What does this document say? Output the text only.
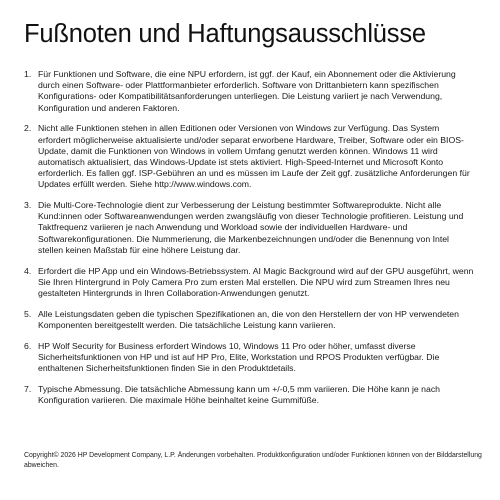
Fußnoten und Haftungsausschlüsse
1. Für Funktionen und Software, die eine NPU erfordern, ist ggf. der Kauf, ein Abonnement oder die Aktivierung durch einen Software- oder Plattformanbieter erforderlich. Software von Drittanbietern kann spezifischen Konfigurations- oder Kompatibilitätsanforderungen unterliegen. Die Leistung variiert je nach Verwendung, Konfiguration und anderen Faktoren.
2. Nicht alle Funktionen stehen in allen Editionen oder Versionen von Windows zur Verfügung. Das System erfordert möglicherweise aktualisierte und/oder separat erworbene Hardware, Treiber, Software oder ein BIOS-Update, damit die Funktionen von Windows in vollem Umfang genutzt werden können. Windows 11 wird automatisch aktualisiert, das Windows-Update ist stets aktiviert. High-Speed-Internet und Microsoft Konto erforderlich. Es fallen ggf. ISP-Gebühren an und es müssen im Laufe der Zeit ggf. zusätzliche Anforderungen für Updates erfüllt werden. Siehe http://www.windows.com.
3. Die Multi-Core-Technologie dient zur Verbesserung der Leistung bestimmter Softwareprodukte. Nicht alle Kund:innen oder Softwareanwendungen werden zwangsläufig von dieser Technologie profitieren. Leistung und Taktfrequenz variieren je nach Anwendung und Workload sowie der individuellen Hardware- und Softwarekonfigurationen. Die Nummerierung, die Markenbezeichnungen und/oder die Benennung von Intel stellen keinen Maßstab für eine höhere Leistung dar.
4. Erfordert die HP App und ein Windows-Betriebssystem. AI Magic Background wird auf der GPU ausgeführt, wenn Sie Ihren Hintergrund in Poly Camera Pro zum ersten Mal erstellen. Die NPU wird zum Streamen Ihres neu gestalteten Hintergrunds in Ihren Collaboration-Anwendungen genutzt.
5. Alle Leistungsdaten geben die typischen Spezifikationen an, die von den Herstellern der von HP verwendeten Komponenten bereitgestellt werden. Die tatsächliche Leistung kann variieren.
6. HP Wolf Security for Business erfordert Windows 10, Windows 11 Pro oder höher, umfasst diverse Sicherheitsfunktionen von HP und ist auf HP Pro, Elite, Workstation und RPOS Produkten verfügbar. Die enthaltenen Sicherheitsfunktionen finden Sie in den Produktdetails.
7. Typische Abmessung. Die tatsächliche Abmessung kann um +/-0,5 mm variieren. Die Höhe kann je nach Konfiguration variieren. Die maximale Höhe beinhaltet keine Gummifüße.
Copyright© 2026 HP Development Company, L.P. Änderungen vorbehalten. Produktkonfiguration und/oder Funktionen können von der Bilddarstellung abweichen.
